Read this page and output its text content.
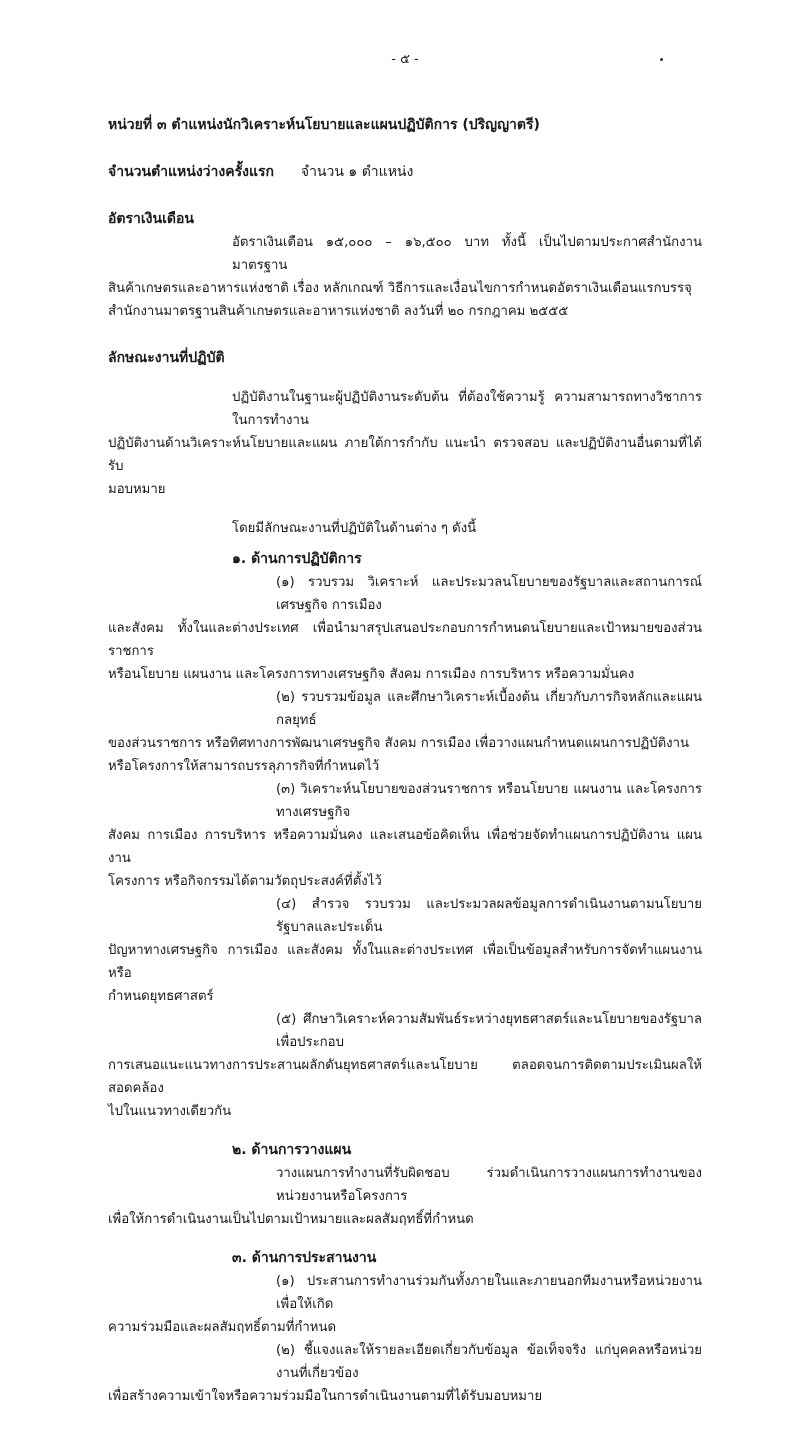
- ๕ -
หน่วยที่ ๓ ตำแหน่งนักวิเคราะห์นโยบายและแผนปฏิบัติการ (ปริญญาตรี)
จำนวนตำแหน่งว่างครั้งแรก จำนวน ๑ ตำแหน่ง
อัตราเงินเดือน
อัตราเงินเดือน ๑๕,๐๐๐ – ๑๖,๕๐๐ บาท ทั้งนี้ เป็นไปตามประกาศสำนักงานมาตรฐาน
สินค้าเกษตรและอาหารแห่งชาติ เรื่อง หลักเกณฑ์ วิธีการและเงื่อนไขการกำหนดอัตราเงินเดือนแรกบรรจุ
สำนักงานมาตรฐานสินค้าเกษตรและอาหารแห่งชาติ ลงวันที่ ๒๐ กรกฎาคม ๒๕๕๕
ลักษณะงานที่ปฏิบัติ
ปฏิบัติงานในฐานะผู้ปฏิบัติงานระดับต้น ที่ต้องใช้ความรู้ ความสามารถทางวิชาการในการทำงาน
ปฏิบัติงานด้านวิเคราะห์นโยบายและแผน ภายใต้การกำกับ แนะนำ ตรวจสอบ และปฏิบัติงานอื่นตามที่ได้รับ
มอบหมาย
โดยมีลักษณะงานที่ปฏิบัติในด้านต่าง ๆ ดังนี้
๑. ด้านการปฏิบัติการ
(๑) รวบรวม วิเคราะห์ และประมวลนโยบายของรัฐบาลและสถานการณ์เศรษฐกิจ การเมือง
และสังคม ทั้งในและต่างประเทศ เพื่อนำมาสรุปเสนอประกอบการกำหนดนโยบายและเป้าหมายของส่วนราชการ
หรือนโยบาย แผนงาน และโครงการทางเศรษฐกิจ สังคม การเมือง การบริหาร หรือความมั่นคง
(๒) รวบรวมข้อมูล และศึกษาวิเคราะห์เบื้องต้น เกี่ยวกับภารกิจหลักและแผนกลยุทธ์
ของส่วนราชการ หรือทิศทางการพัฒนาเศรษฐกิจ สังคม การเมือง เพื่อวางแผนกำหนดแผนการปฏิบัติงาน
หรือโครงการให้สามารถบรรลุภารกิจที่กำหนดไว้
(๓) วิเคราะห์นโยบายของส่วนราชการ หรือนโยบาย แผนงาน และโครงการทางเศรษฐกิจ
สังคม การเมือง การบริหาร หรือความมั่นคง และเสนอข้อคิดเห็น เพื่อช่วยจัดทำแผนการปฏิบัติงาน แผนงาน
โครงการ หรือกิจกรรมได้ตามวัตถุประสงค์ที่ตั้งไว้
(๔) สำรวจ รวบรวม และประมวลผลข้อมูลการดำเนินงานตามนโยบายรัฐบาลและประเด็น
ปัญหาทางเศรษฐกิจ การเมือง และสังคม ทั้งในและต่างประเทศ เพื่อเป็นข้อมูลสำหรับการจัดทำแผนงาน หรือ
กำหนดยุทธศาสตร์
(๕) ศึกษาวิเคราะห์ความสัมพันธ์ระหว่างยุทธศาสตร์และนโยบายของรัฐบาล เพื่อประกอบ
การเสนอแนะแนวทางการประสานผลักดันยุทธศาสตร์และนโยบาย ตลอดจนการติดตามประเมินผลให้สอดคล้อง
ไปในแนวทางเดียวกัน
๒. ด้านการวางแผน
วางแผนการทำงานที่รับผิดชอบ ร่วมดำเนินการวางแผนการทำงานของหน่วยงานหรือโครงการ
เพื่อให้การดำเนินงานเป็นไปตามเป้าหมายและผลสัมฤทธิ์ที่กำหนด
๓. ด้านการประสานงาน
(๑) ประสานการทำงานร่วมกันทั้งภายในและภายนอกทีมงานหรือหน่วยงาน เพื่อให้เกิด
ความร่วมมือและผลสัมฤทธิ์ตามที่กำหนด
(๒) ชี้แจงและให้รายละเอียดเกี่ยวกับข้อมูล ข้อเท็จจริง แก่บุคคลหรือหน่วยงานที่เกี่ยวข้อง
เพื่อสร้างความเข้าใจหรือความร่วมมือในการดำเนินงานตามที่ได้รับมอบหมาย
